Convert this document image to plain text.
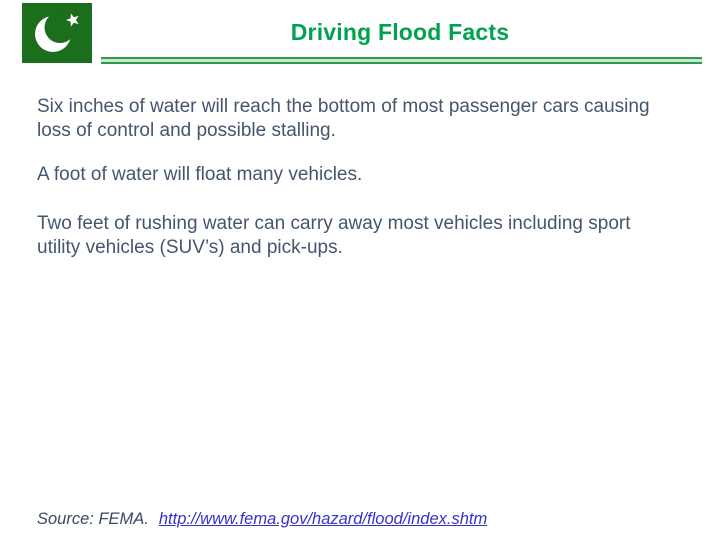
Driving Flood Facts
Six inches of water will reach the bottom of most passenger cars causing
loss of control and possible stalling.
A foot of water will float many vehicles.
Two feet of rushing water can carry away most vehicles including sport
utility vehicles (SUV’s) and pick-ups.
Source: FEMA. http://www.fema.gov/hazard/flood/index.shtm
